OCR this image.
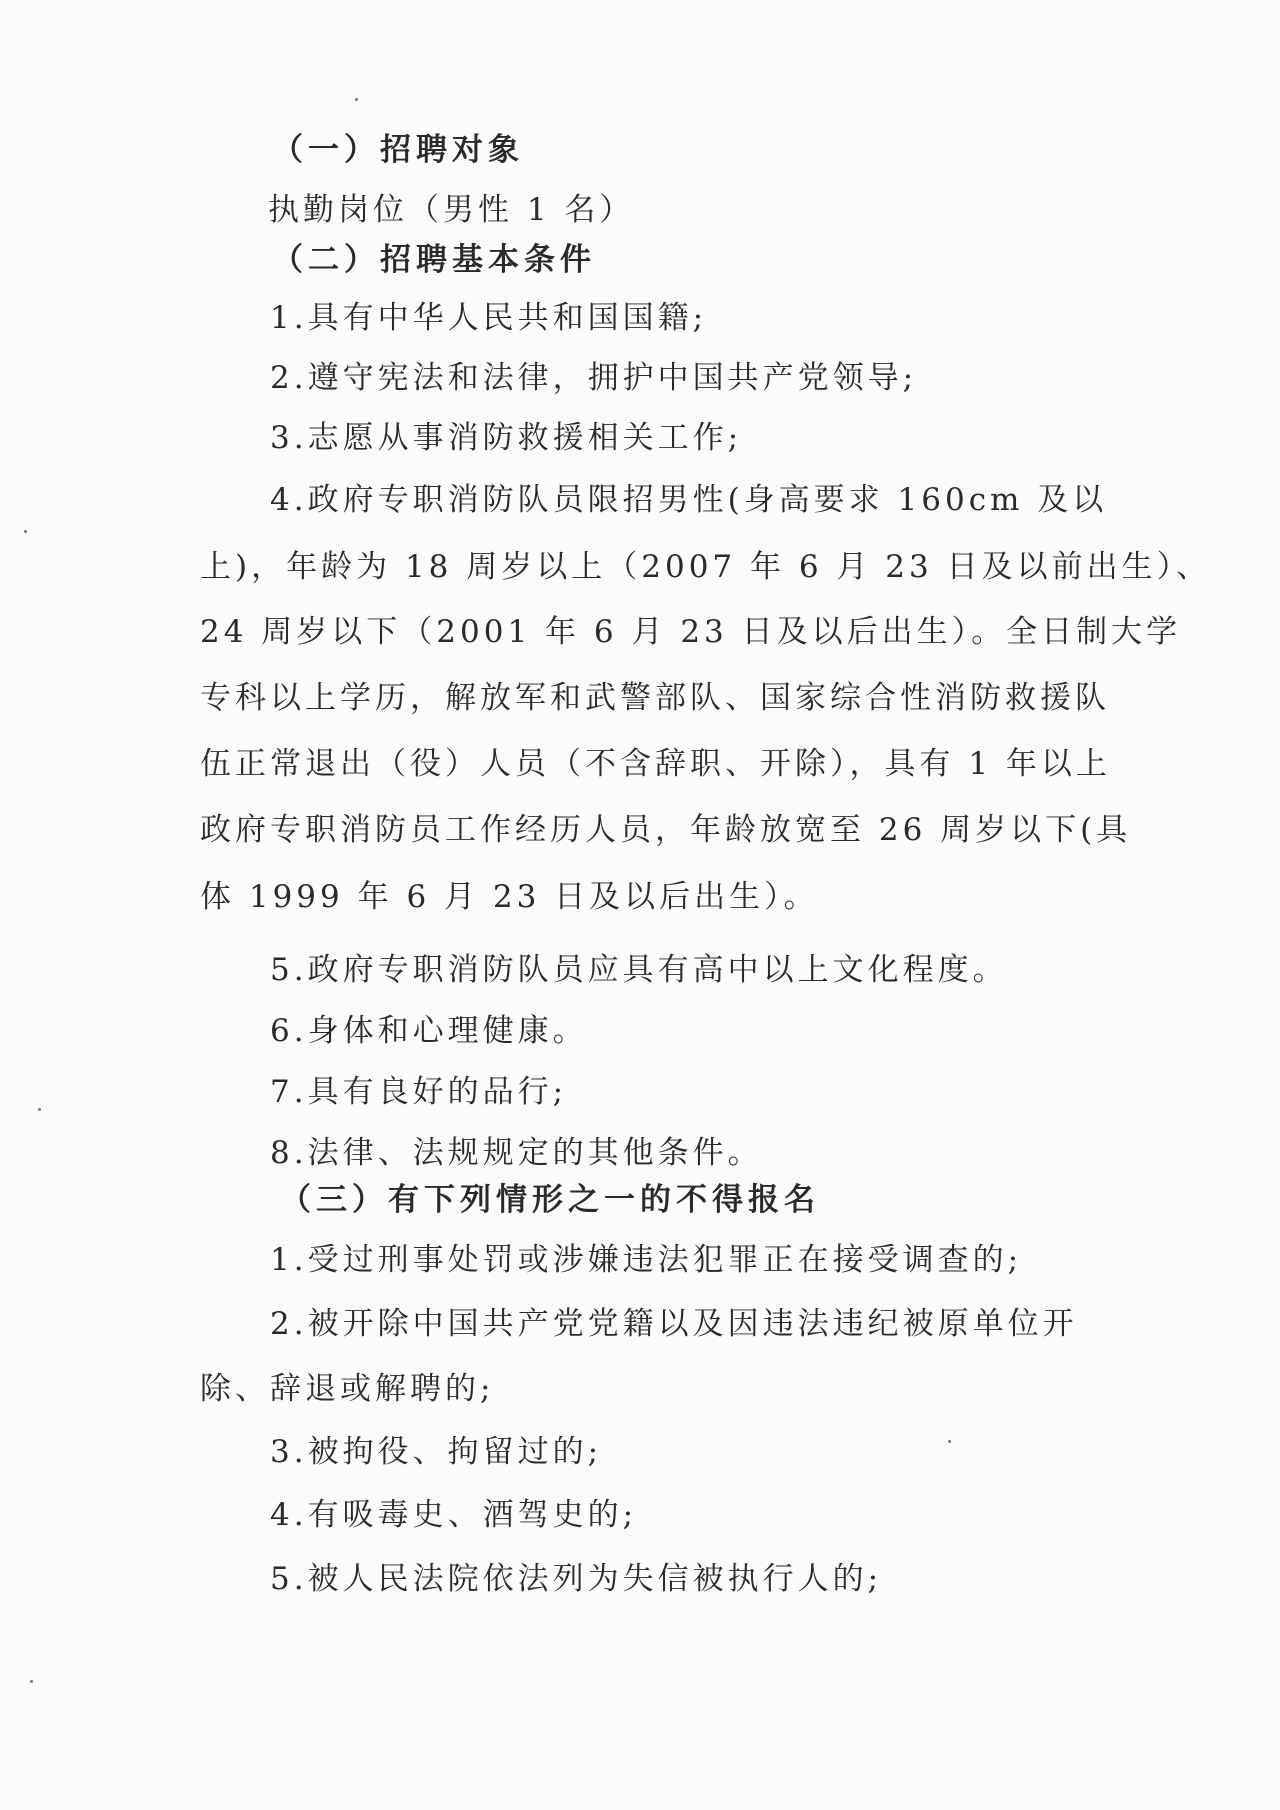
（一）招聘对象
执勤岗位（男性 1 名）
（二）招聘基本条件
1.具有中华人民共和国国籍;
2.遵守宪法和法律，拥护中国共产党领导;
3.志愿从事消防救援相关工作;
4.政府专职消防队员限招男性(身高要求 160cm 及以
上)，年龄为 18 周岁以上（2007 年 6 月 23 日及以前出生）、
24 周岁以下（2001 年 6 月 23 日及以后出生）。全日制大学
专科以上学历，解放军和武警部队、国家综合性消防救援队
伍正常退出（役）人员（不含辞职、开除），具有 1 年以上
政府专职消防员工作经历人员，年龄放宽至 26 周岁以下(具
体 1999 年 6 月 23 日及以后出生）。
5.政府专职消防队员应具有高中以上文化程度。
6.身体和心理健康。
7.具有良好的品行;
8.法律、法规规定的其他条件。
（三）有下列情形之一的不得报名
1.受过刑事处罚或涉嫌违法犯罪正在接受调查的;
2.被开除中国共产党党籍以及因违法违纪被原单位开
除、辞退或解聘的;
3.被拘役、拘留过的;
4.有吸毒史、酒驾史的;
5.被人民法院依法列为失信被执行人的;
